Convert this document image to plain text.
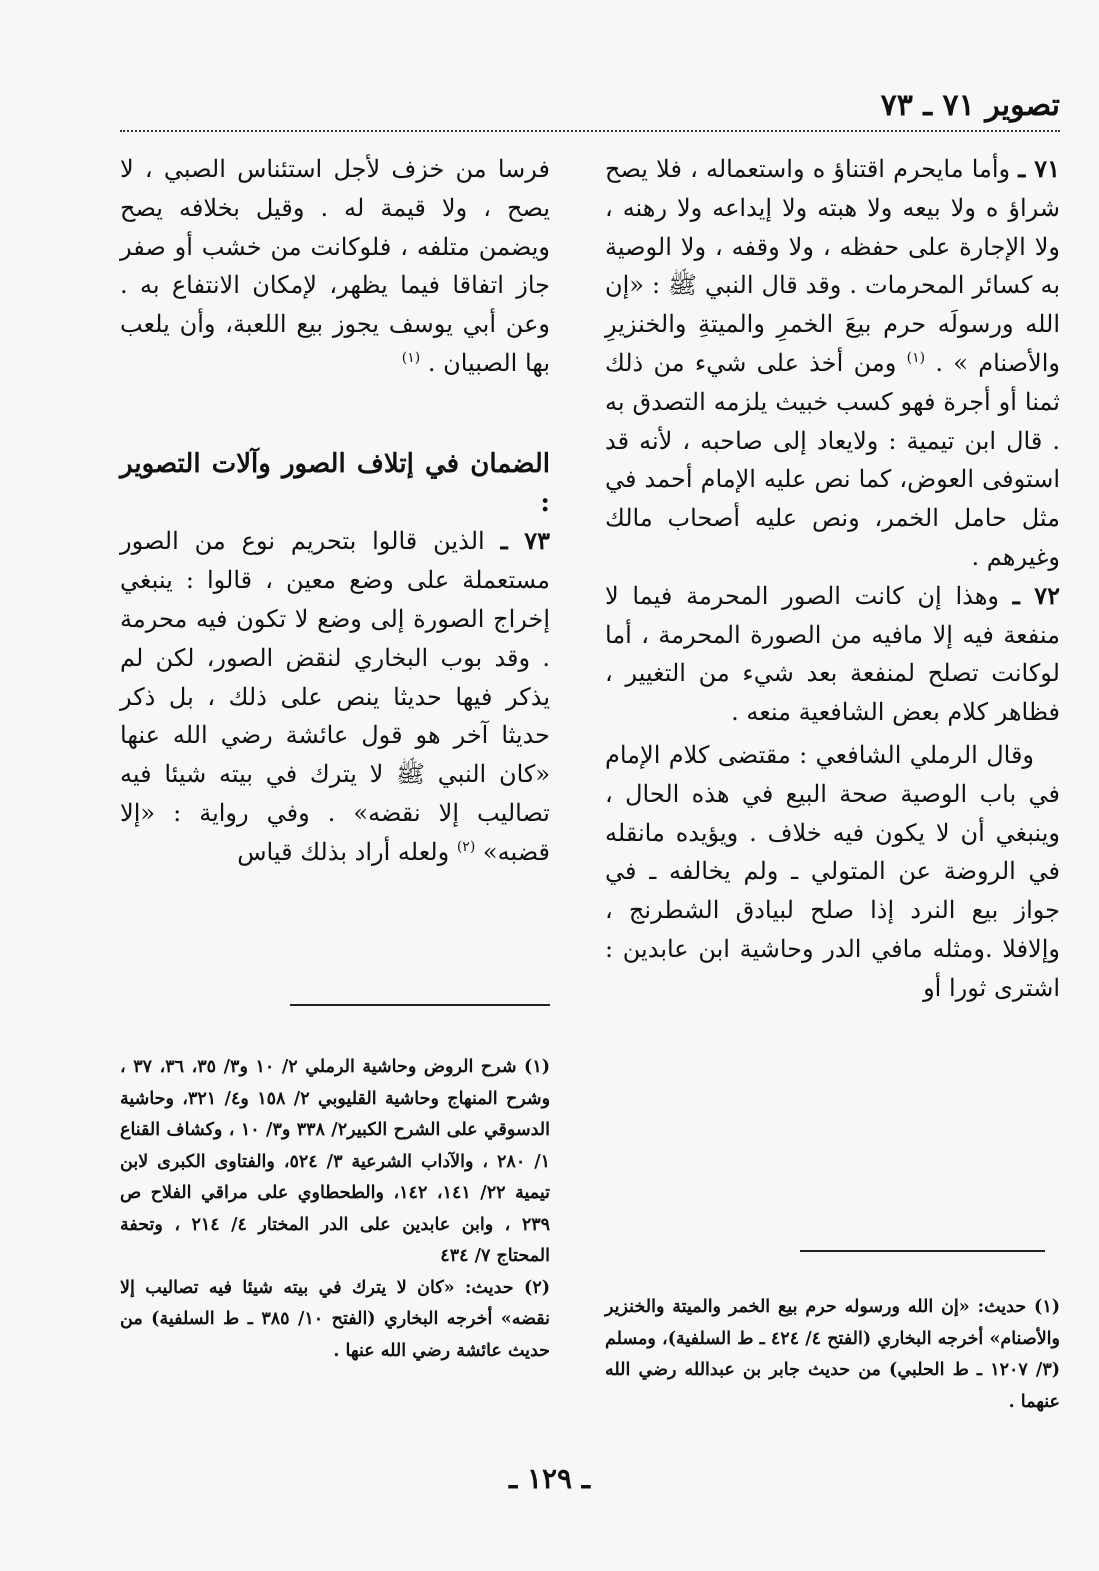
تصوير ٧١ ـ ٧٣

٧١ ـ وأما مايحرم اقتناؤ ه واستعماله ، فلا يصح شراؤ ه ولا بيعه ولا هبته ولا إيداعه ولا رهنه ، ولا الإجارة على حفظه ، ولا وقفه ، ولا الوصية به كسائر المحرمات . وقد قال النبي ﷺ : «إن الله ورسولَه حرم بيعَ الخمرِ والميتةِ والخنزيرِ والأصنام » . $^{(١)}$ ومن أخذ على شيء من ذلك ثمنا أو أجرة فهو كسب خبيث يلزمه التصدق به . قال ابن تيمية : ولايعاد إلى صاحبه ، لأنه قد استوفى العوض، كما نص عليه الإمام أحمد في مثل حامل الخمر، ونص عليه أصحاب مالك وغيرهم .

٧٢ ـ وهذا إن كانت الصور المحرمة فيما لا منفعة فيه إلا مافيه من الصورة المحرمة ، أما لوكانت تصلح لمنفعة بعد شيء من التغيير ، فظاهر كلام بعض الشافعية منعه .

وقال الرملي الشافعي : مقتضى كلام الإمام في باب الوصية صحة البيع في هذه الحال ، وينبغي أن لا يكون فيه خلاف . ويؤيده مانقله في الروضة عن المتولي ـ ولم يخالفه ـ في جواز بيع النرد إذا صلح لبيادق الشطرنج ، وإلافلا .ومثله مافي الدر وحاشية ابن عابدين : اشترى ثورا أو

فرسا من خزف لأجل استئناس الصبي ، لا يصح ، ولا قيمة له . وقيل بخلافه يصح ويضمن متلفه ، فلوكانت من خشب أو صفر جاز اتفاقا فيما يظهر، لإمكان الانتفاع به . وعن أبي يوسف يجوز بيع اللعبة، وأن يلعب بها الصبيان . $^{(١)}$

الضمان في إتلاف الصور وآلات التصوير :

٧٣ ـ الذين قالوا بتحريم نوع من الصور مستعملة على وضع معين ، قالوا : ينبغي إخراج الصورة إلى وضع لا تكون فيه محرمة . وقد بوب البخاري لنقض الصور، لكن لم يذكر فيها حديثا ينص على ذلك ، بل ذكر حديثا آخر هو قول عائشة رضي الله عنها «كان النبي ﷺ لا يترك في بيته شيئا فيه تصاليب إلا نقضه» . وفي رواية : «إلا قضبه» $^{(٢)}$ ولعله أراد بذلك قياس

(١) شرح الروض وحاشية الرملي ٢/ ١٠ و٣/ ٣٥، ٣٦، ٣٧ ، وشرح المنهاج وحاشية القليوبي ٢/ ١٥٨ و٤/ ٣٢١، وحاشية الدسوقي على الشرح الكبير٢/ ٣٣٨ و٣/ ١٠ ، وكشاف القناع ١/ ٢٨٠ ، والآداب الشرعية ٣/ ٥٢٤، والفتاوى الكبرى لابن تيمية ٢٢/ ١٤١، ١٤٢، والطحطاوي على مراقي الفلاح ص ٢٣٩ ، وابن عابدين على الدر المختار ٤/ ٢١٤ ، وتحفة المحتاج ٧/ ٤٣٤

(٢) حديث: «كان لا يترك في بيته شيئا فيه تصاليب إلا نقضه» أخرجه البخاري (الفتح ١٠/ ٣٨٥ ـ ط السلفية) من حديث عائشة رضي الله عنها .

(١) حديث: «إن الله ورسوله حرم بيع الخمر والميتة والخنزير والأصنام» أخرجه البخاري (الفتح ٤/ ٤٢٤ ـ ط السلفية)، ومسلم (٣/ ١٢٠٧ ـ ط الحلبي) من حديث جابر بن عبدالله رضي الله عنهما .

ـ ١٢٩ ـ
